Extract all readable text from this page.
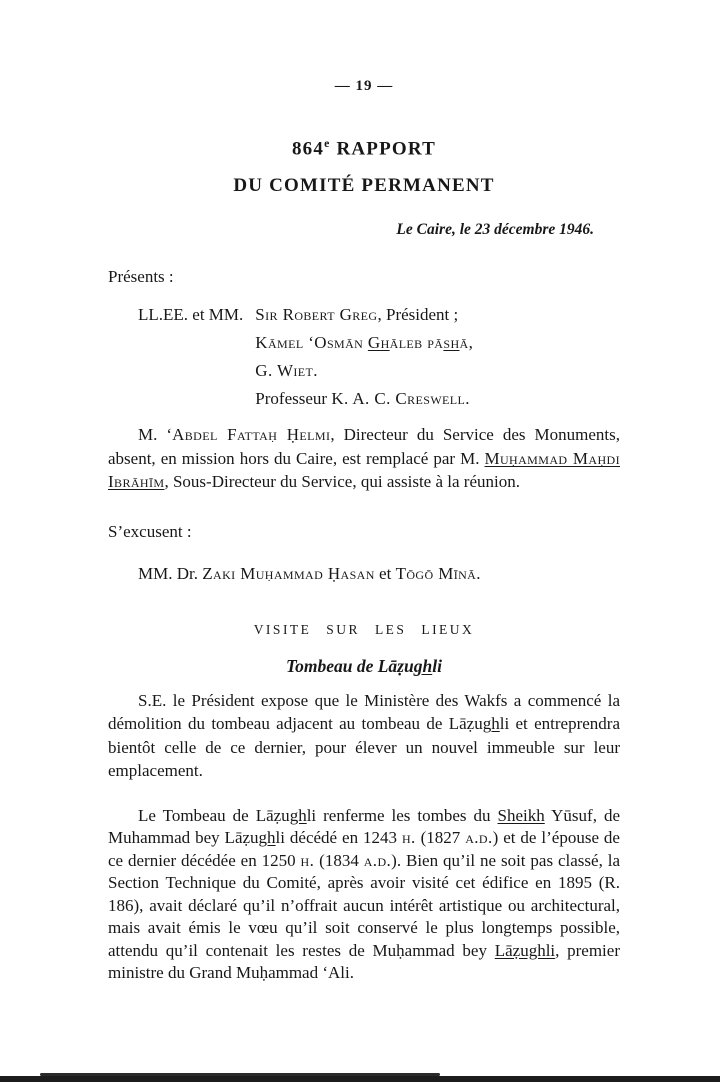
— 19 —
864e RAPPORT
DU COMITÉ PERMANENT
Le Caire, le 23 décembre 1946.
Présents :
LL.EE. et MM. Sir Robert Greg, Président ;
Kāmel ‘Osmān Ghāleb pāshā,
G. Wiet.
Professeur K. A. C. Creswell.

M. ‘Abdel Fattaḥ Ḥelmi, Directeur du Service des Monuments, absent, en mission hors du Caire, est remplacé par M. Muḥammad Maḥdi Ibrāhīm, Sous-Directeur du Service, qui assiste à la réunion.

S’excusent :
MM. Dr. Zaki Muḥammad Ḥasan et Tōgō Mīnā.
VISITE SUR LES LIEUX
Tombeau de Lāẓughli

S.E. le Président expose que le Ministère des Wakfs a commencé la démolition du tombeau adjacent au tombeau de Lāẓughli et entreprendra bientôt celle de ce dernier, pour élever un nouvel immeuble sur leur emplacement.

Le Tombeau de Lāẓughli renferme les tombes du Sheikh Yūsuf, de Muhammad bey Lāẓughli décédé en 1243 h. (1827 a.d.) et de l’épouse de ce dernier décédée en 1250 h. (1834 a.d.). Bien qu’il ne soit pas classé, la Section Technique du Comité, après avoir visité cet édifice en 1895 (R. 186), avait déclaré qu’il n’offrait aucun intérêt artistique ou architectural, mais avait émis le vœu qu’il soit conservé le plus longtemps possible, attendu qu’il contenait les restes de Muḥammad bey Lāẓughli, premier ministre du Grand Muḥammad ‘Ali.
